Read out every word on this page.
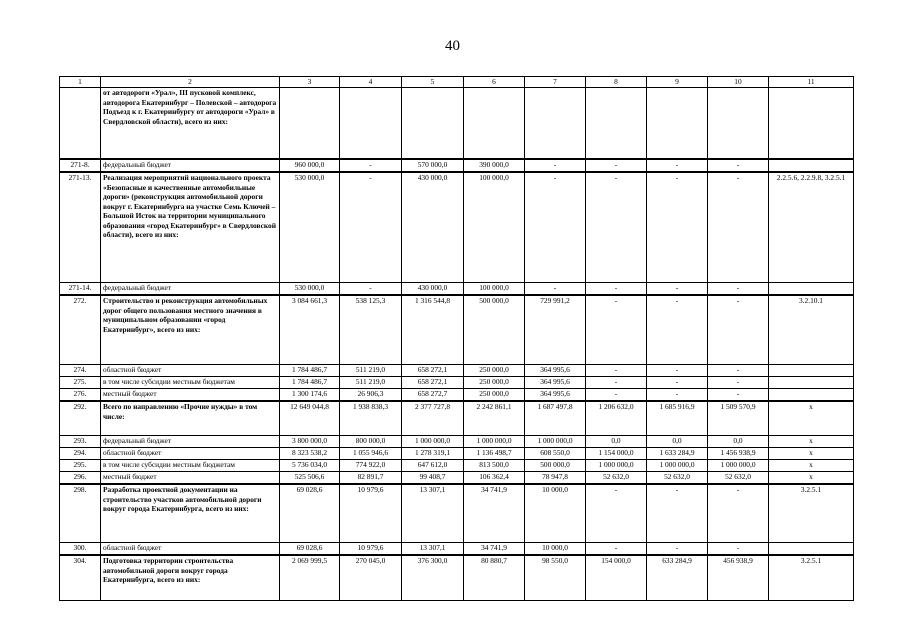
40
1	2	3	4	5	6	7	8	9	10	11
	от автодороги «Урал», III пусковой комплекс, автодорога Екатеринбург – Полевской – автодорога Подъезд к г. Екатеринбургу от автодороги «Урал» в Свердловской области), всего из них:									
271-8.	федеральный бюджет	960 000,0	-	570 000,0	390 000,0	-	-	-	-	
271-13.	Реализация мероприятий национального проекта «Безопасные и качественные автомобильные дороги» (реконструкция автомобильной дороги вокруг г. Екатеринбурга на участке Семь Ключей – Большой Исток на территории муниципального образования «город Екатеринбург» в Свердловской области), всего из них:	530 000,0	-	430 000,0	100 000,0	-	-	-	-	2.2.5.6, 2.2.9.8, 3.2.5.1
271-14.	федеральный бюджет	530 000,0	-	430 000,0	100 000,0	-	-	-	-	
272.	Строительство и реконструкция автомобильных дорог общего пользования местного значения в муниципальном образовании «город Екатеринбург», всего из них:	3 084 661,3	538 125,3	1 316 544,8	500 000,0	729 991,2	-	-	-	3.2.10.1
274.	областной бюджет	1 784 486,7	511 219,0	658 272,1	250 000,0	364 995,6	-	-	-	
275.	в том числе субсидии местным бюджетам	1 784 486,7	511 219,0	658 272,1	250 000,0	364 995,6	-	-	-	
276.	местный бюджет	1 300 174,6	26 906,3	658 272,7	250 000,0	364 995,6	-	-	-	
292.	Всего по направлению «Прочие нужды» в том числе:	12 649 044,8	1 938 838,3	2 377 727,8	2 242 861,1	1 687 497,8	1 206 632,0	1 685 916,9	1 509 570,9	х
293.	федеральный бюджет	3 800 000,0	800 000,0	1 000 000,0	1 000 000,0	1 000 000,0	0,0	0,0	0,0	х
294.	областной бюджет	8 323 538,2	1 055 946,6	1 278 319,1	1 136 498,7	608 550,0	1 154 000,0	1 633 284,9	1 456 938,9	х
295.	в том числе субсидии местным бюджетам	5 736 034,0	774 922,0	647 612,0	813 500,0	500 000,0	1 000 000,0	1 000 000,0	1 000 000,0	х
296.	местный бюджет	525 506,6	82 891,7	99 408,7	106 362,4	78 947,8	52 632,0	52 632,0	52 632,0	х
298.	Разработка проектной документации на строительство участков автомобильной дороги вокруг города Екатеринбурга, всего из них:	69 028,6	10 979,6	13 307,1	34 741,9	10 000,0	-	-	-	3.2.5.1
300.	областной бюджет	69 028,6	10 979,6	13 307,1	34 741,9	10 000,0	-	-	-	
304.	Подготовка территории строительства автомобильной дороги вокруг города Екатеринбурга, всего из них:	2 069 999,5	270 045,0	376 300,0	80 880,7	98 550,0	154 000,0	633 284,9	456 938,9	3.2.5.1
